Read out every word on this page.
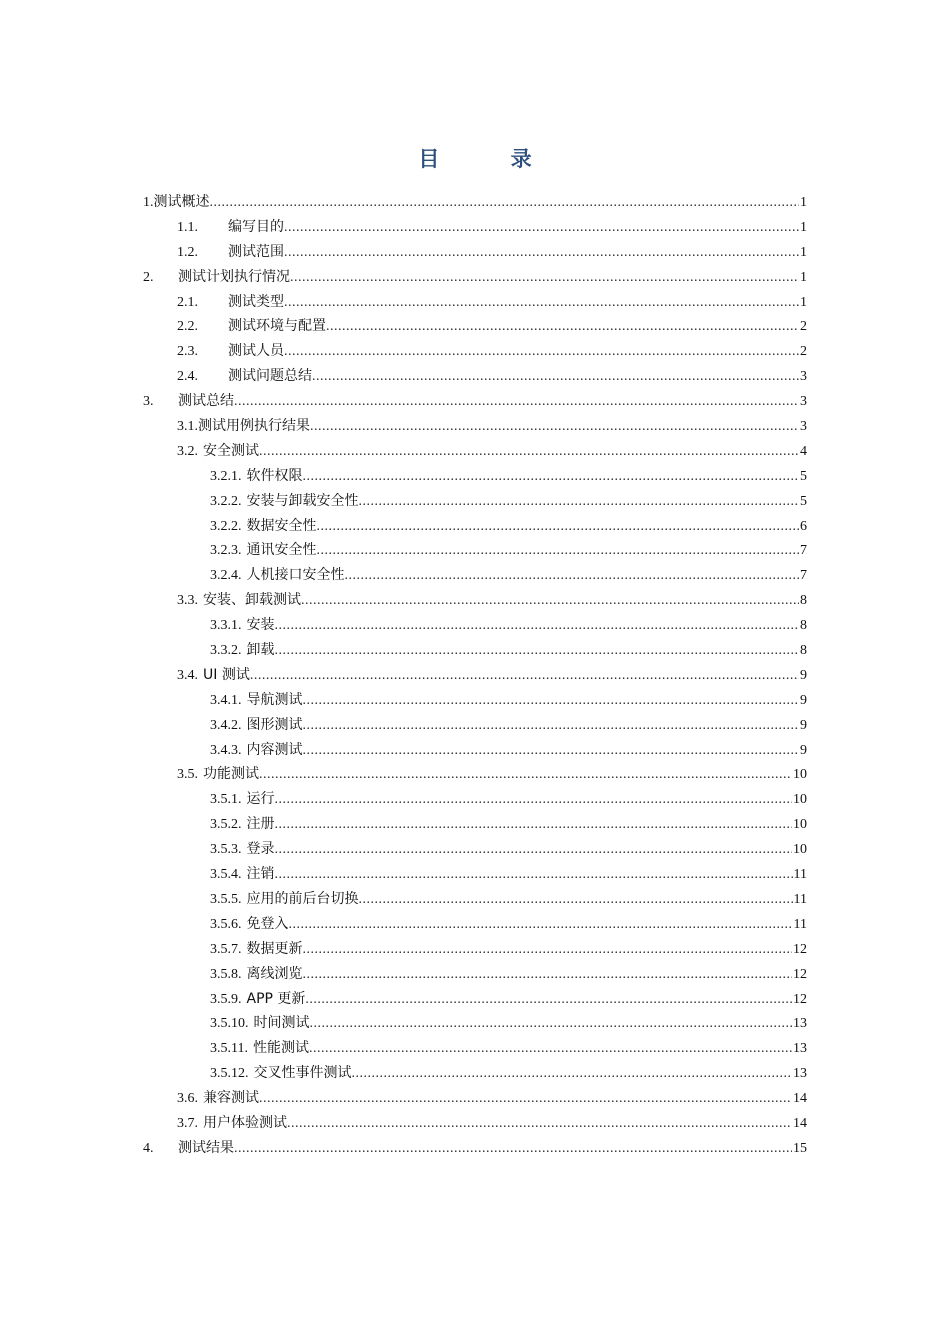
目 录
1. 测试概述 .....	1
1.1.	编写目的 .....	1
1.2.	测试范围 .....	1
2.	测试计划执行情况 .....	1
2.1.	测试类型 .....	1
2.2.	测试环境与配置 .....	2
2.3.	测试人员 .....	2
2.4.	测试问题总结 .....	3
3.	测试总结 .....	3
3.1. 测试用例执行结果 .....	3
3.2. 安全测试 .....	4
3.2.1. 软件权限 .....	5
3.2.2. 安装与卸载安全性 .....	5
3.2.2. 数据安全性 .....	6
3.2.3. 通讯安全性 .....	7
3.2.4. 人机接口安全性 .....	7
3.3. 安装、卸载测试 .....	8
3.3.1. 安装 .....	8
3.3.2. 卸载 .....	8
3.4. UI 测试 .....	9
3.4.1. 导航测试 .....	9
3.4.2. 图形测试 .....	9
3.4.3. 内容测试 .....	9
3.5. 功能测试 .....	10
3.5.1. 运行 .....	10
3.5.2. 注册 .....	10
3.5.3. 登录 .....	10
3.5.4. 注销 .....	11
3.5.5. 应用的前后台切换 .....	11
3.5.6. 免登入 .....	11
3.5.7. 数据更新 .....	12
3.5.8. 离线浏览 .....	12
3.5.9. APP 更新 .....	12
3.5.10. 时间测试 .....	13
3.5.11. 性能测试 .....	13
3.5.12. 交叉性事件测试 .....	13
3.6. 兼容测试 .....	14
3.7. 用户体验测试 .....	14
4.	测试结果 .....	15
